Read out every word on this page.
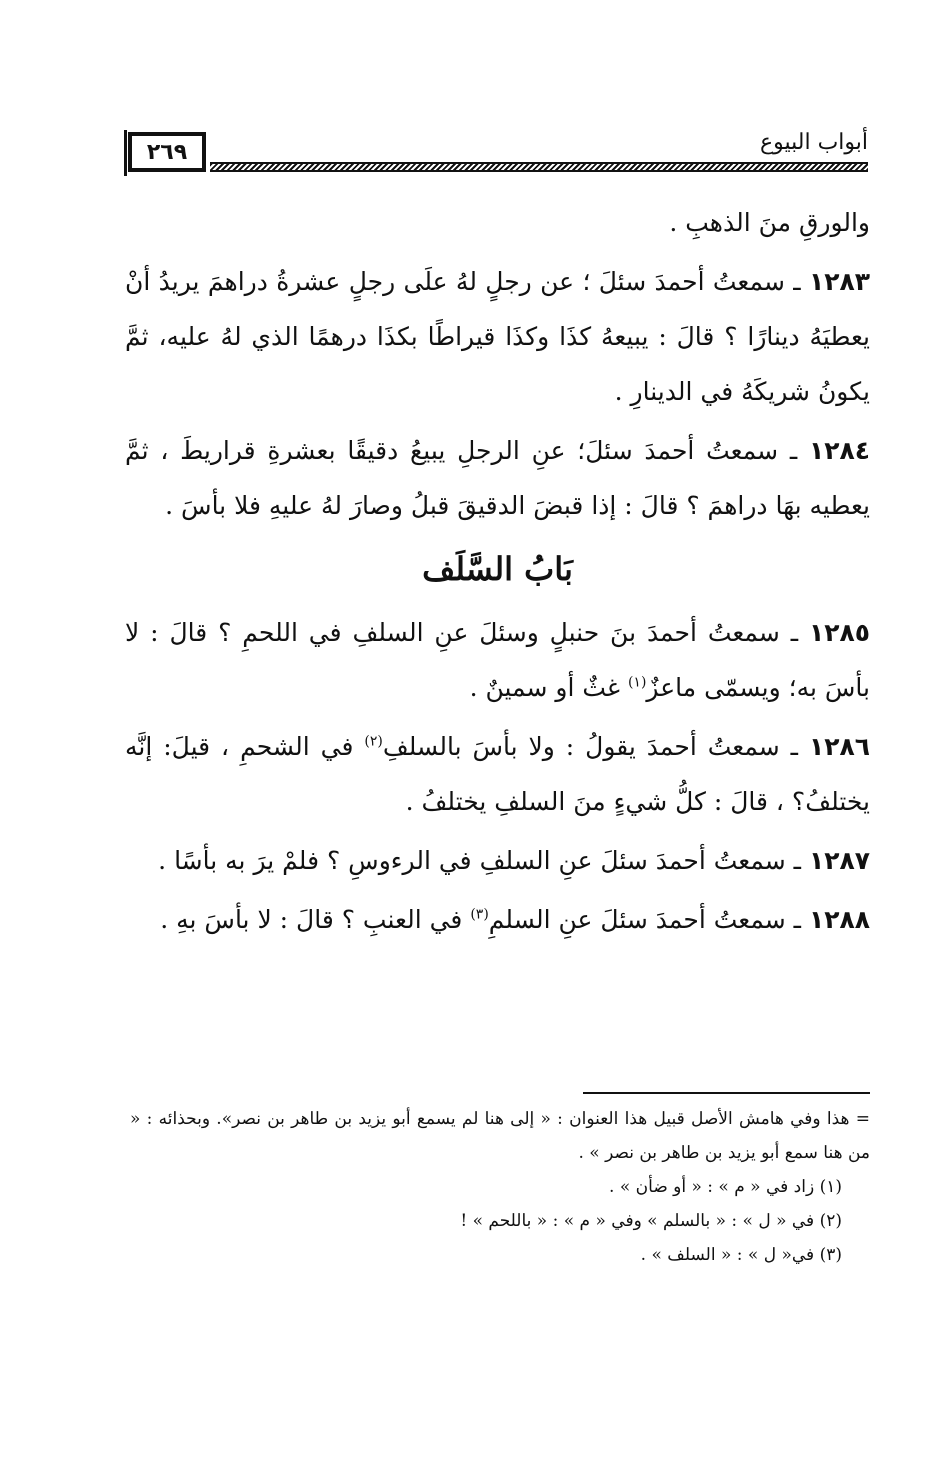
٢٦٩	أبواب البيوع

والورقِ منَ الذهبِ .

١٢٨٣ ـ سمعتُ أحمدَ سئلَ ؛ عن رجلٍ لهُ علَى رجلٍ عشرةُ دراهمَ يريدُ أنْ يعطيَهُ دينارًا ؟ قالَ : يبيعهُ كذَا وكذَا قيراطًا بكذَا درهمًا الذي لهُ عليه، ثمَّ يكونُ شريكَهُ في الدينارِ .

١٢٨٤ ـ سمعتُ أحمدَ سئلَ؛ عنِ الرجلِ يبيعُ دقيقًا بعشرةِ قراريطَ ، ثمَّ يعطيه بهَا دراهمَ ؟ قالَ : إذا قبضَ الدقيقَ قبلُ وصارَ لهُ عليهِ فلا بأسَ .

بَابُ السَّلَف

١٢٨٥ ـ سمعتُ أحمدَ بنَ حنبلٍ وسئلَ عنِ السلفِ في اللحمِ ؟ قالَ : لا بأسَ به؛ ويسمّى ماعزٌ$^{(١)}$ غثٌ أو سمينٌ .

١٢٨٦ ـ سمعتُ أحمدَ يقولُ : ولا بأسَ بالسلفِ$^{(٢)}$ في الشحمِ ، قيلَ: إنَّه يختلفُ؟ ، قالَ : كلُّ شيءٍ منَ السلفِ يختلفُ .

١٢٨٧ ـ سمعتُ أحمدَ سئلَ عنِ السلفِ في الرءوسِ ؟ فلمْ يرَ به بأسًا .

١٢٨٨ ـ سمعتُ أحمدَ سئلَ عنِ السلمِ$^{(٣)}$ في العنبِ ؟ قالَ : لا بأسَ بهِ .

= هذا وفي هامش الأصل قبيل هذا العنوان : « إلى هنا لم يسمع أبو يزيد بن طاهر بن نصر». وبحذائه : « من هنا سمع أبو يزيد بن طاهر بن نصر » .

(١) زاد في « م » : « أو ضأن » .

(٢) في « ل » : « بالسلم » وفي « م » : « باللحم » !

(٣) في« ل » : « السلف » .
